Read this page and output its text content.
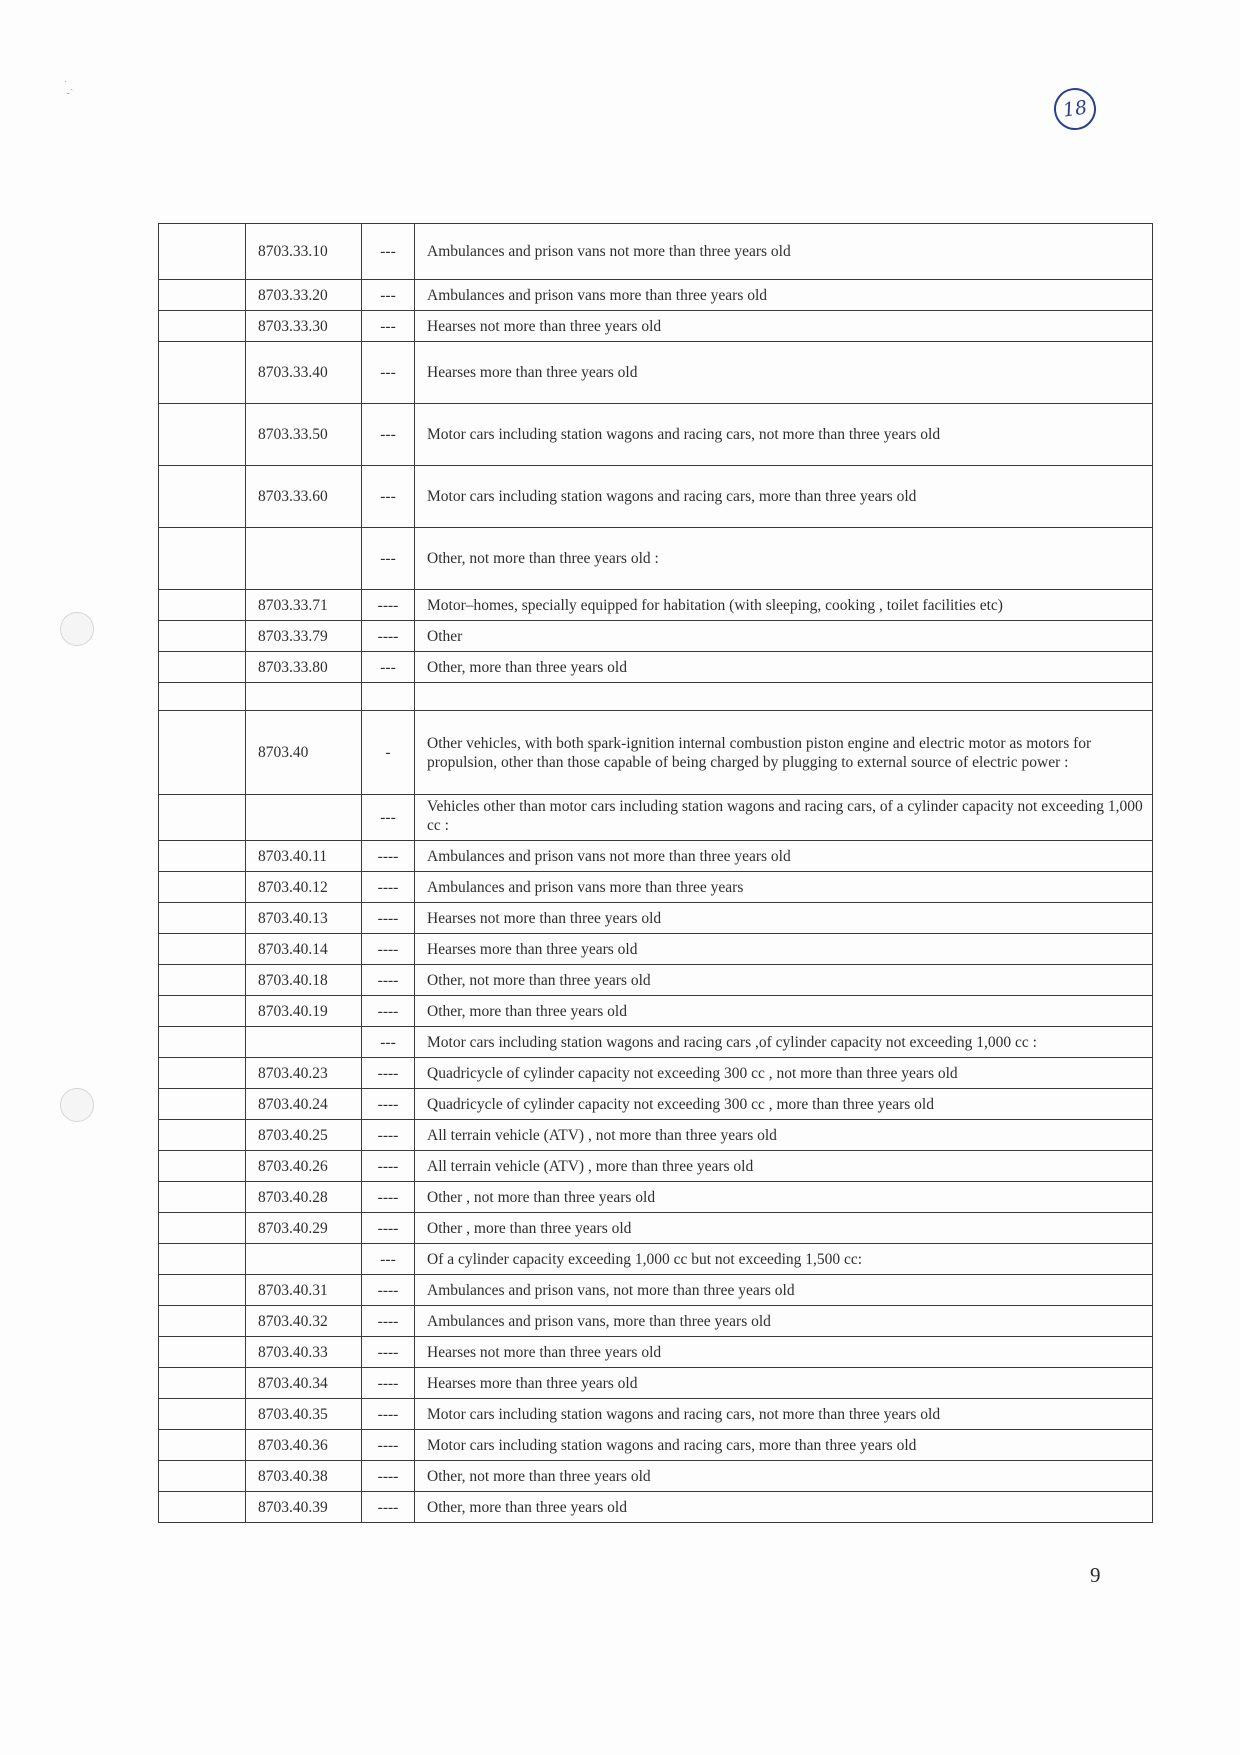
˙ ˎ
-
18
	8703.33.10	---	Ambulances and prison vans not more than three years old
	8703.33.20	---	Ambulances and prison vans more than three years old
	8703.33.30	---	Hearses not more than three years old
	8703.33.40	---	Hearses more than three years old
	8703.33.50	---	Motor cars including station wagons and racing cars, not more than three years old
	8703.33.60	---	Motor cars including station wagons and racing cars, more than three years old
		---	Other, not more than three years old :
	8703.33.71	----	Motor–homes, specially equipped for habitation (with sleeping, cooking , toilet facilities etc)
	8703.33.79	----	Other
	8703.33.80	---	Other, more than three years old

	8703.40	-	Other vehicles, with both spark-ignition internal combustion piston engine and electric motor as motors for propulsion, other than those capable of being charged by plugging to external source of electric power :
		---	Vehicles other than motor cars including station wagons and racing cars, of a cylinder capacity not exceeding 1,000 cc :
	8703.40.11	----	Ambulances and prison vans not more than three years old
	8703.40.12	----	Ambulances and prison vans more than three years
	8703.40.13	----	Hearses not more than three years old
	8703.40.14	----	Hearses more than three years old
	8703.40.18	----	Other, not more than three years old
	8703.40.19	----	Other, more than three years old
		---	Motor cars including station wagons and racing cars ,of cylinder capacity not exceeding 1,000 cc :
	8703.40.23	----	Quadricycle of cylinder capacity not exceeding 300 cc , not more than three years old
	8703.40.24	----	Quadricycle of cylinder capacity not exceeding 300 cc , more than three years old
	8703.40.25	----	All terrain vehicle (ATV) , not more than three years old
	8703.40.26	----	All terrain vehicle (ATV) , more than three years old
	8703.40.28	----	Other , not more than three years old
	8703.40.29	----	Other , more than three years old
		---	Of a cylinder capacity exceeding 1,000 cc but not exceeding 1,500 cc:
	8703.40.31	----	Ambulances and prison vans, not more than three years old
	8703.40.32	----	Ambulances and prison vans, more than three years old
	8703.40.33	----	Hearses not more than three years old
	8703.40.34	----	Hearses more than three years old
	8703.40.35	----	Motor cars including station wagons and racing cars, not more than three years old
	8703.40.36	----	Motor cars including station wagons and racing cars, more than three years old
	8703.40.38	----	Other, not more than three years old
	8703.40.39	----	Other, more than three years old
9
